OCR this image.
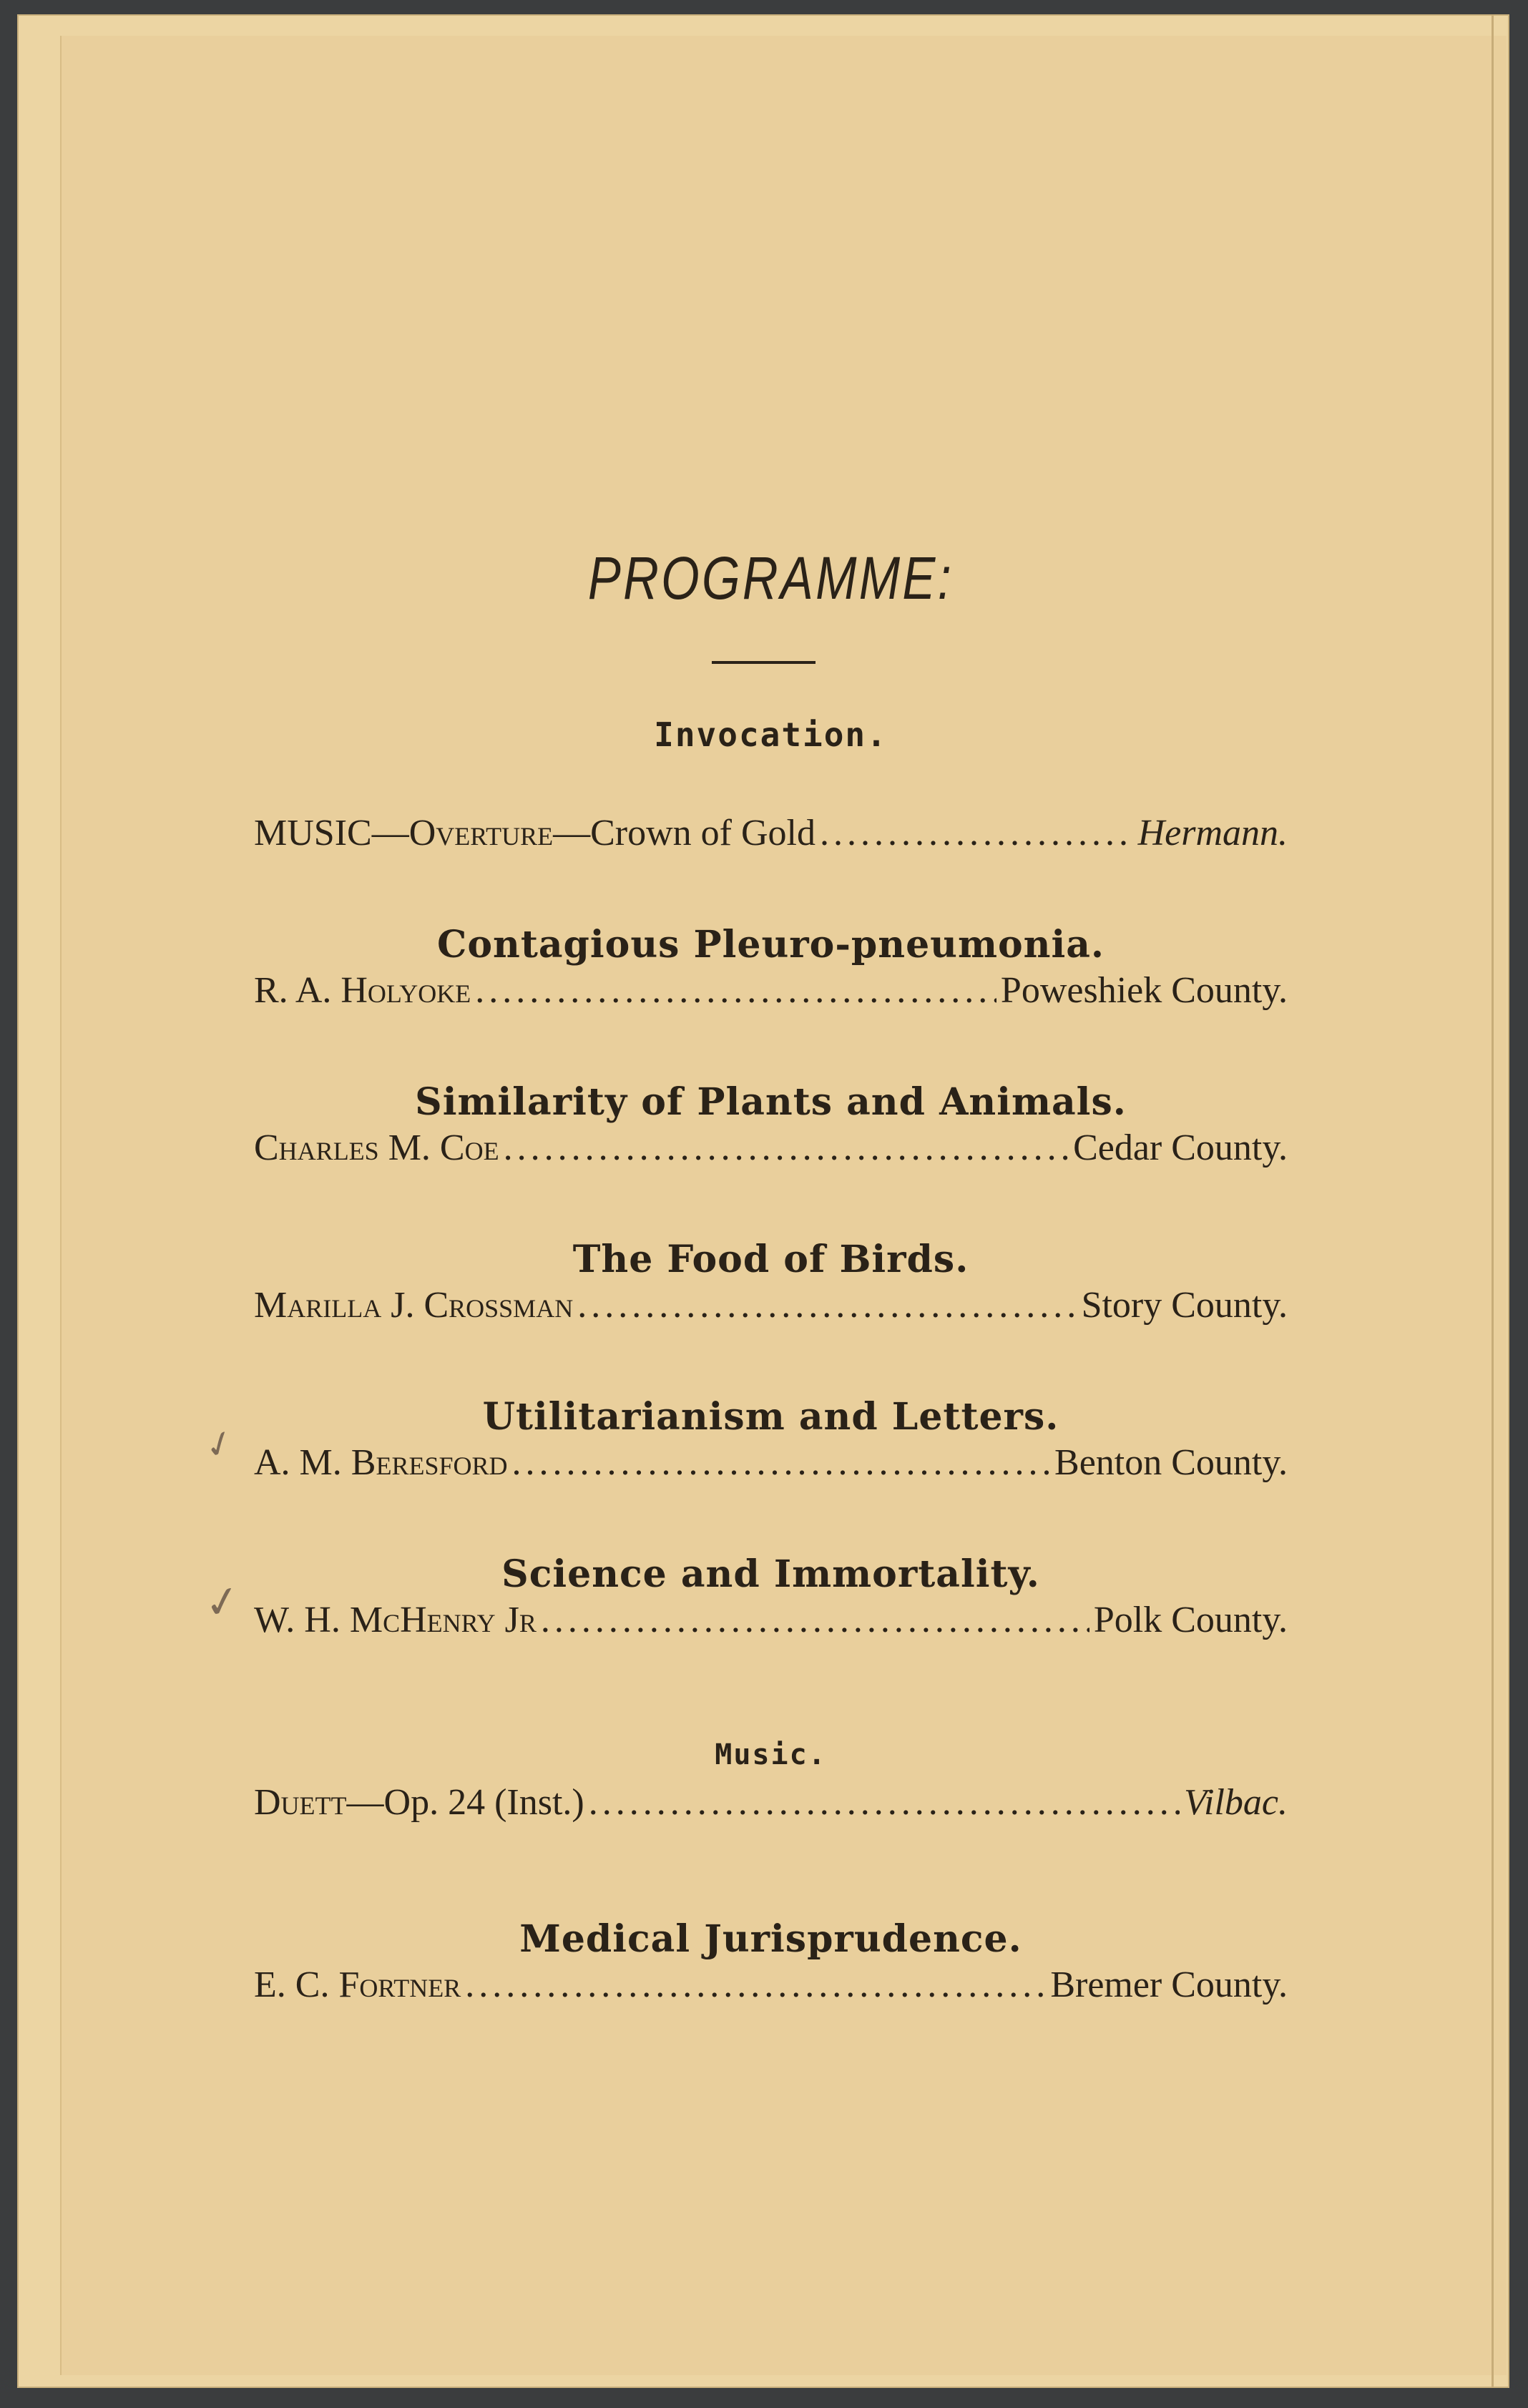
PROGRAMME:
Invocation.
MUSIC—Overture—Crown of Gold .....	Hermann.
Contagious Pleuro-pneumonia.
R. A. Holyoke .....	Poweshiek County.
Similarity of Plants and Animals.
Charles M. Coe .....	Cedar County.
The Food of Birds.
Marilla J. Crossman .....	Story County.
Utilitarianism and Letters.
A. M. Beresford .....	Benton County.
Science and Immortality.
W. H. McHenry Jr .....	Polk County.
Music.
Duett—Op. 24 (Inst.) .....	Vilbac.
Medical Jurisprudence.
E. C. Fortner .....	Bremer County.
✓
✓
